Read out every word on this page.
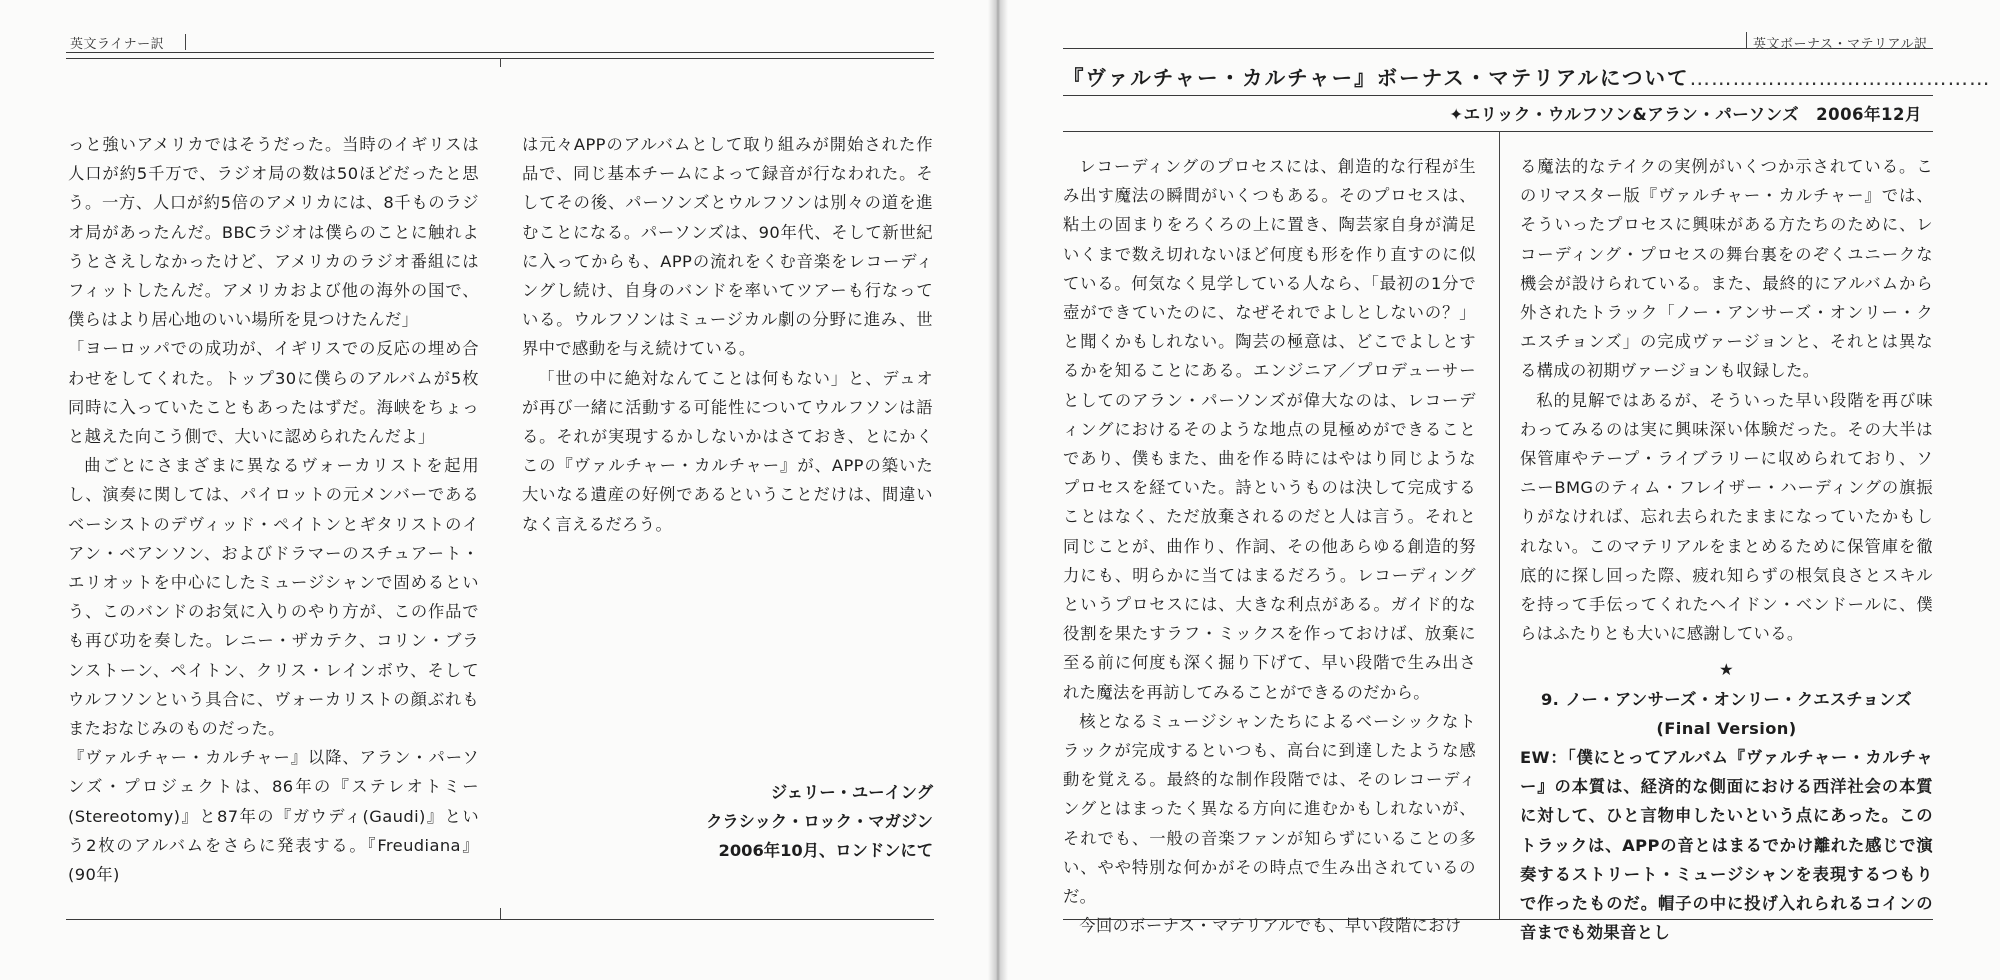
英文ライナー訳

っと強いアメリカではそうだった。当時のイギリスは人口が約5千万で、ラジオ局の数は50ほどだったと思う。一方、人口が約5倍のアメリカには、8千ものラジオ局があったんだ。BBCラジオは僕らのことに触れようとさえしなかったけど、アメリカのラジオ番組にはフィットしたんだ。アメリカおよび他の海外の国で、僕らはより居心地のいい場所を見つけたんだ」

「ヨーロッパでの成功が、イギリスでの反応の埋め合わせをしてくれた。トップ30に僕らのアルバムが5枚同時に入っていたこともあったはずだ。海峡をちょっと越えた向こう側で、大いに認められたんだよ」

曲ごとにさまざまに異なるヴォーカリストを起用し、演奏に関しては、パイロットの元メンバーであるベーシストのデヴィッド・ペイトンとギタリストのイアン・ベアンソン、およびドラマーのスチュアート・エリオットを中心にしたミュージシャンで固めるという、このバンドのお気に入りのやり方が、この作品でも再び功を奏した。レニー・ザカテク、コリン・ブランストーン、ペイトン、クリス・レインボウ、そしてウルフソンという具合に、ヴォーカリストの顔ぶれもまたおなじみのものだった。

『ヴァルチャー・カルチャー』以降、アラン・パーソンズ・プロジェクトは、86年の『ステレオトミー(Stereotomy)』と87年の『ガウディ(Gaudi)』という2枚のアルバムをさらに発表する。『Freudiana』(90年)

は元々APPのアルバムとして取り組みが開始された作品で、同じ基本チームによって録音が行なわれた。そしてその後、パーソンズとウルフソンは別々の道を進むことになる。パーソンズは、90年代、そして新世紀に入ってからも、APPの流れをくむ音楽をレコーディングし続け、自身のバンドを率いてツアーも行なっている。ウルフソンはミュージカル劇の分野に進み、世界中で感動を与え続けている。

「世の中に絶対なんてことは何もない」と、デュオが再び一緒に活動する可能性についてウルフソンは語る。それが実現するかしないかはさておき、とにかくこの『ヴァルチャー・カルチャー』が、APPの築いた大いなる遺産の好例であるということだけは、間違いなく言えるだろう。

ジェリー・ユーイング
クラシック・ロック・マガジン
2006年10月、ロンドンにて
英文ボーナス・マテリアル訳
『ヴァルチャー・カルチャー』ボーナス・マテリアルについて……………………………………
✦エリック・ウルフソン&アラン・パーソンズ　2006年12月

レコーディングのプロセスには、創造的な行程が生み出す魔法の瞬間がいくつもある。そのプロセスは、粘土の固まりをろくろの上に置き、陶芸家自身が満足いくまで数え切れないほど何度も形を作り直すのに似ている。何気なく見学している人なら、「最初の1分で壺ができていたのに、なぜそれでよしとしないの？」と聞くかもしれない。陶芸の極意は、どこでよしとするかを知ることにある。エンジニア／プロデューサーとしてのアラン・パーソンズが偉大なのは、レコーディングにおけるそのような地点の見極めができることであり、僕もまた、曲を作る時にはやはり同じようなプロセスを経ていた。詩というものは決して完成することはなく、ただ放棄されるのだと人は言う。それと同じことが、曲作り、作詞、その他あらゆる創造的努力にも、明らかに当てはまるだろう。レコーディングというプロセスには、大きな利点がある。ガイド的な役割を果たすラフ・ミックスを作っておけば、放棄に至る前に何度も深く掘り下げて、早い段階で生み出された魔法を再訪してみることができるのだから。

核となるミュージシャンたちによるベーシックなトラックが完成するといつも、高台に到達したような感動を覚える。最終的な制作段階では、そのレコーディングとはまったく異なる方向に進むかもしれないが、それでも、一般の音楽ファンが知らずにいることの多い、やや特別な何かがその時点で生み出されているのだ。

今回のボーナス・マテリアルでも、早い段階におけ

る魔法的なテイクの実例がいくつか示されている。このリマスター版『ヴァルチャー・カルチャー』では、そういったプロセスに興味がある方たちのために、レコーディング・プロセスの舞台裏をのぞくユニークな機会が設けられている。また、最終的にアルバムから外されたトラック「ノー・アンサーズ・オンリー・クエスチョンズ」の完成ヴァージョンと、それとは異なる構成の初期ヴァージョンも収録した。

私的見解ではあるが、そういった早い段階を再び味わってみるのは実に興味深い体験だった。その大半は保管庫やテープ・ライブラリーに収められており、ソニーBMGのティム・フレイザー・ハーディングの旗振りがなければ、忘れ去られたままになっていたかもしれない。このマテリアルをまとめるために保管庫を徹底的に探し回った際、疲れ知らずの根気良さとスキルを持って手伝ってくれたヘイドン・ベンドールに、僕らはふたりとも大いに感謝している。

★
9. ノー・アンサーズ・オンリー・クエスチョンズ
(Final Version)

EW：「僕にとってアルバム『ヴァルチャー・カルチャー』の本質は、経済的な側面における西洋社会の本質に対して、ひと言物申したいという点にあった。このトラックは、APPの音とはまるでかけ離れた感じで演奏するストリート・ミュージシャンを表現するつもりで作ったものだ。帽子の中に投げ入れられるコインの音までも効果音とし
